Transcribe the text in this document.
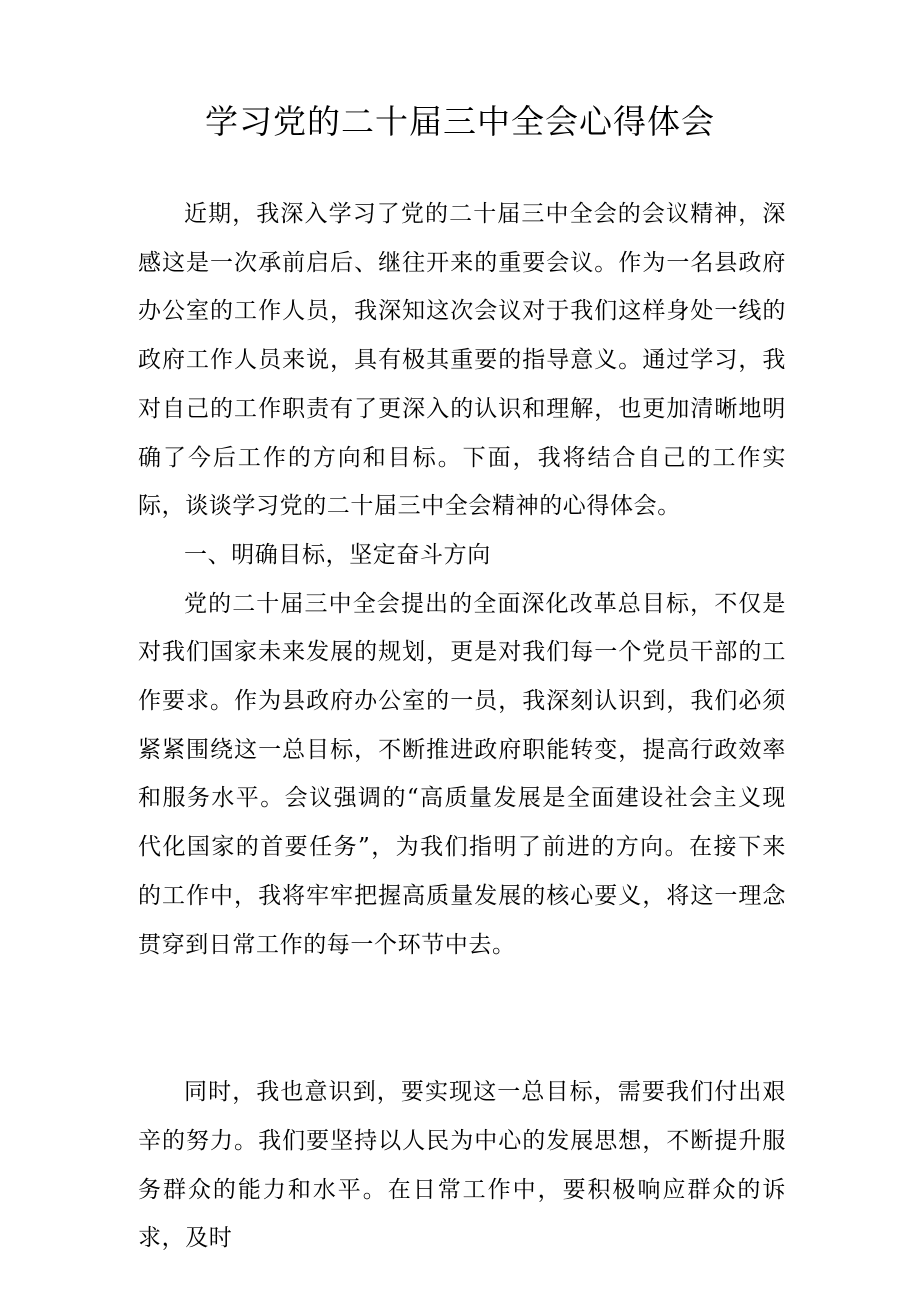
学习党的二十届三中全会心得体会

近期，我深入学习了党的二十届三中全会的会议精神，深感这是一次承前启后、继往开来的重要会议。作为一名县政府办公室的工作人员，我深知这次会议对于我们这样身处一线的政府工作人员来说，具有极其重要的指导意义。通过学习，我对自己的工作职责有了更深入的认识和理解，也更加清晰地明确了今后工作的方向和目标。下面，我将结合自己的工作实际，谈谈学习党的二十届三中全会精神的心得体会。

一、明确目标，坚定奋斗方向

党的二十届三中全会提出的全面深化改革总目标，不仅是对我们国家未来发展的规划，更是对我们每一个党员干部的工作要求。作为县政府办公室的一员，我深刻认识到，我们必须紧紧围绕这一总目标，不断推进政府职能转变，提高行政效率和服务水平。会议强调的“高质量发展是全面建设社会主义现代化国家的首要任务”，为我们指明了前进的方向。在接下来的工作中，我将牢牢把握高质量发展的核心要义，将这一理念贯穿到日常工作的每一个环节中去。

同时，我也意识到，要实现这一总目标，需要我们付出艰辛的努力。我们要坚持以人民为中心的发展思想，不断提升服务群众的能力和水平。在日常工作中，要积极响应群众的诉求，及时
